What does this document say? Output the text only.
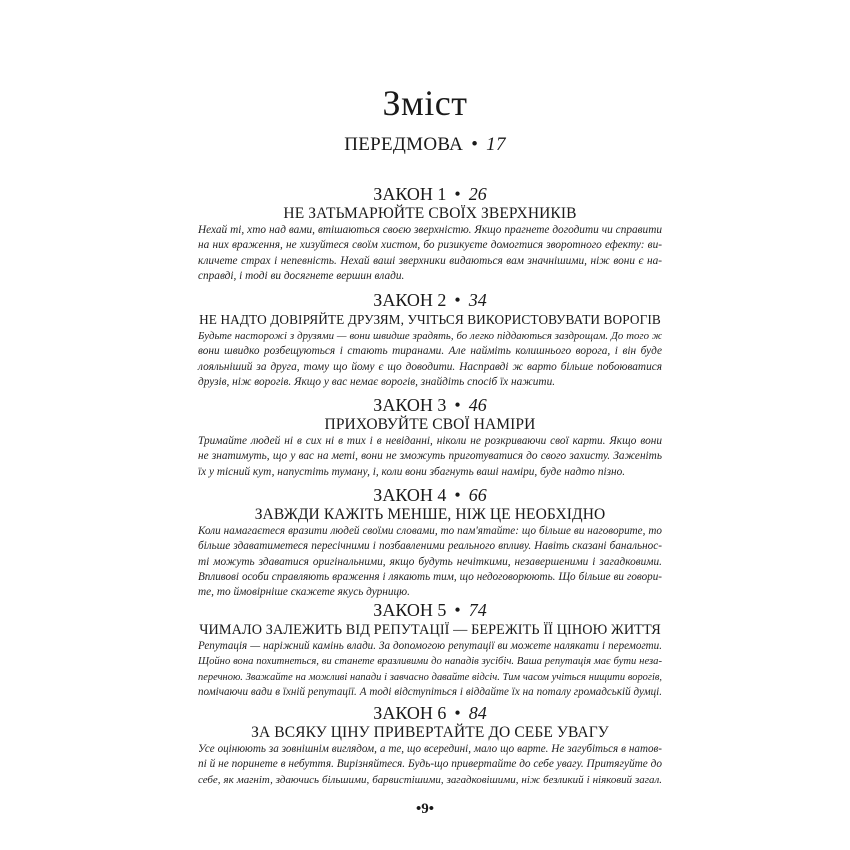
Зміст
ПЕРЕДМОВА • 17
ЗАКОН 1 • 26
НЕ ЗАТЬМАРЮЙТЕ СВОЇХ ЗВЕРХНИКІВ
Нехай ті, хто над вами, втішаються своєю зверхністю. Якщо прагнете догодити чи справити
на них враження, не хизуйтеся своїм хистом, бо ризикуєте домогтися зворотного ефекту: ви-
кличете страх і непевність. Нехай ваші зверхники видаються вам значнішими, ніж вони є на-
справді, і тоді ви досягнете вершин влади.
ЗАКОН 2 • 34
НЕ НАДТО ДОВІРЯЙТЕ ДРУЗЯМ, УЧІТЬСЯ ВИКОРИСТОВУВАТИ ВОРОГІВ
Будьте насторожі з друзями — вони швидше зрадять, бо легко піддаються заздрощам. До того ж
вони швидко розбещуються і стають тиранами. Але найміть колишнього ворога, і він буде
лояльніший за друга, тому що йому є що доводити. Насправді ж варто більше побоюватися
друзів, ніж ворогів. Якщо у вас немає ворогів, знайдіть спосіб їх нажити.
ЗАКОН 3 • 46
ПРИХОВУЙТЕ СВОЇ НАМІРИ
Тримайте людей ні в сих ні в тих і в невіданні, ніколи не розкриваючи свої карти. Якщо вони
не знатимуть, що у вас на меті, вони не зможуть приготуватися до свого захисту. Заженіть
їх у тісний кут, напустіть туману, і, коли вони збагнуть ваші наміри, буде надто пізно.
ЗАКОН 4 • 66
ЗАВЖДИ КАЖІТЬ МЕНШЕ, НІЖ ЦЕ НЕОБХІДНО
Коли намагаєтеся вразити людей своїми словами, то пам'ятайте: що більше ви наговорите, то
більше здаватиметеся пересічними і позбавленими реального впливу. Навіть сказані банальнос-
ті можуть здаватися оригінальними, якщо будуть нечіткими, незавершеними і загадковими.
Впливові особи справляють враження і лякають тим, що недоговорюють. Що більше ви говори-
те, то ймовірніше скажете якусь дурницю.
ЗАКОН 5 • 74
ЧИМАЛО ЗАЛЕЖИТЬ ВІД РЕПУТАЦІЇ — БЕРЕЖІТЬ ЇЇ ЦІНОЮ ЖИТТЯ
Репутація — наріжний камінь влади. За допомогою репутації ви можете налякати і перемогти.
Щойно вона похитнеться, ви станете вразливими до нападів зусібіч. Ваша репутація має бути неза-
перечною. Зважайте на можливі напади і завчасно давайте відсіч. Тим часом учіться нищити ворогів,
помічаючи вади в їхній репутації. А тоді відступіться і віддайте їх на поталу громадській думці.
ЗАКОН 6 • 84
ЗА ВСЯКУ ЦІНУ ПРИВЕРТАЙТЕ ДО СЕБЕ УВАГУ
Усе оцінюють за зовнішнім виглядом, а те, що всередині, мало що варте. Не загубіться в натов-
пі й не поринете в небуття. Вирізняйтеся. Будь-що привертайте до себе увагу. Притягуйте до
себе, як магніт, здаючись більшими, барвистішими, загадковішими, ніж безликий і ніяковий загал.
•9•
